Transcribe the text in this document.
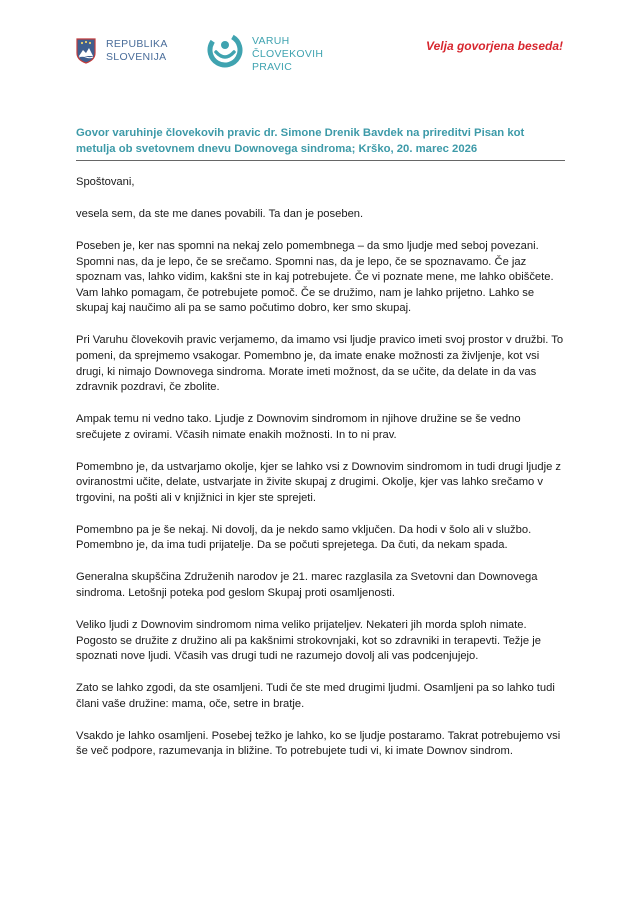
REPUBLIKA
SLOVENIJA
VARUH
ČLOVEKOVIH
PRAVIC
Velja govorjena beseda!
Govor varuhinje človekovih pravic dr. Simone Drenik Bavdek na prireditvi Pisan kot metulja ob svetovnem dnevu Downovega sindroma; Krško, 20. marec 2026

Spoštovani,

vesela sem, da ste me danes povabili. Ta dan je poseben.

Poseben je, ker nas spomni na nekaj zelo pomembnega – da smo ljudje med seboj povezani. Spomni nas, da je lepo, če se srečamo. Spomni nas, da je lepo, če se spoznavamo. Če jaz spoznam vas, lahko vidim, kakšni ste in kaj potrebujete. Če vi poznate mene, me lahko obiščete. Vam lahko pomagam, če potrebujete pomoč. Če se družimo, nam je lahko prijetno. Lahko se skupaj kaj naučimo ali pa se samo počutimo dobro, ker smo skupaj.

Pri Varuhu človekovih pravic verjamemo, da imamo vsi ljudje pravico imeti svoj prostor v družbi. To pomeni, da sprejmemo vsakogar. Pomembno je, da imate enake možnosti za življenje, kot vsi drugi, ki nimajo Downovega sindroma. Morate imeti možnost, da se učite, da delate in da vas zdravnik pozdravi, če zbolite.

Ampak temu ni vedno tako. Ljudje z Downovim sindromom in njihove družine se še vedno srečujete z ovirami. Včasih nimate enakih možnosti. In to ni prav.

Pomembno je, da ustvarjamo okolje, kjer se lahko vsi z Downovim sindromom in tudi drugi ljudje z oviranostmi učite, delate, ustvarjate in živite skupaj z drugimi. Okolje, kjer vas lahko srečamo v trgovini, na pošti ali v knjižnici in kjer ste sprejeti.

Pomembno pa je še nekaj. Ni dovolj, da je nekdo samo vključen. Da hodi v šolo ali v službo. Pomembno je, da ima tudi prijatelje. Da se počuti sprejetega. Da čuti, da nekam spada.

Generalna skupščina Združenih narodov je 21. marec razglasila za Svetovni dan Downovega sindroma. Letošnji poteka pod geslom Skupaj proti osamljenosti.

Veliko ljudi z Downovim sindromom nima veliko prijateljev. Nekateri jih morda sploh nimate. Pogosto se družite z družino ali pa kakšnimi strokovnjaki, kot so zdravniki in terapevti. Težje je spoznati nove ljudi. Včasih vas drugi tudi ne razumejo dovolj ali vas podcenjujejo.

Zato se lahko zgodi, da ste osamljeni. Tudi če ste med drugimi ljudmi. Osamljeni pa so lahko tudi člani vaše družine: mama, oče, setre in bratje.

Vsakdo je lahko osamljeni. Posebej težko je lahko, ko se ljudje postaramo. Takrat potrebujemo vsi še več podpore, razumevanja in bližine. To potrebujete tudi vi, ki imate Downov sindrom.
